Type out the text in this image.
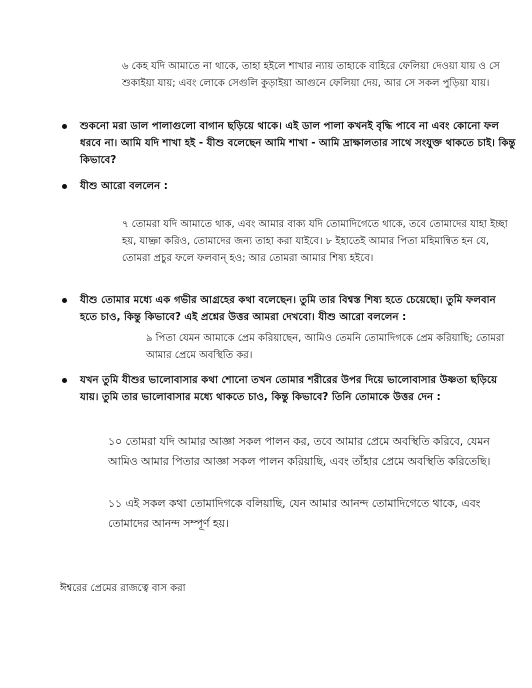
৬ কেহ যদি আমাতে না থাকে, তাহা হইলে শাখার ন্যায় তাহাকে বাহিরে ফেলিয়া দেওয়া যায় ও সে শুকাইয়া যায়; এবং লোকে সেগুলি কুড়াইয়া আগুনে ফেলিয়া দেয়, আর সে সকল পুড়িয়া যায়।

শুকনো মরা ডাল পালাগুলো বাগান ছড়িয়ে থাকে। এই ডাল পালা কখনই বৃদ্ধি পাবে না এবং কোনো ফল ধরবে না। আমি যদি শাখা হই - যীশু বলেছেন আমি শাখা - আমি দ্রাক্ষালতার সাথে সংযুক্ত থাকতে চাই। কিন্তু কিভাবে?

যীশু আরো বললেন :

৭ তোমরা যদি আমাতে থাক, এবং আমার বাক্য যদি তোমাদিগেতে থাকে, তবে তোমাদের যাহা ইচ্ছা হয়, যাচ্ঞা করিও, তোমাদের জন্য তাহা করা যাইবে। ৮ ইহাতেই আমার পিতা মহিমান্বিত হন যে, তোমরা প্রচুর ফলে ফলবান্ হও; আর তোমরা আমার শিষ্য হইবে।

যীশু তোমার মধ্যে এক গভীর আগ্রহের কথা বলেছেন। তুমি তার বিশ্বস্ত শিষ্য হতে চেয়েছো। তুমি ফলবান হতে চাও, কিন্তু কিভাবে? এই প্রশ্নের উত্তর আমরা দেখবো। যীশু আরো বললেন :

৯ পিতা যেমন আমাকে প্রেম করিয়াছেন, আমিও তেমনি তোমাদিগকে প্রেম করিয়াছি; তোমরা আমার প্রেমে অবস্থিতি কর।

যখন তুমি যীশুর ভালোবাসার কথা শোনো তখন তোমার শরীরের উপর দিয়ে ভালোবাসার উষ্ণতা ছড়িয়ে যায়। তুমি তার ভালোবাসার মধ্যে থাকতে চাও, কিন্তু কিভাবে? তিনি তোমাকে উত্তর দেন :

১০ তোমরা যদি আমার আজ্ঞা সকল পালন কর, তবে আমার প্রেমে অবস্থিতি করিবে, যেমন আমিও আমার পিতার আজ্ঞা সকল পালন করিয়াছি, এবং তাঁহার প্রেমে অবস্থিতি করিতেছি।

১১ এই সকল কথা তোমাদিগকে বলিয়াছি, যেন আমার আনন্দ তোমাদিগেতে থাকে, এবং তোমাদের আনন্দ সম্পূর্ণ হয়।

ঈশ্বরের প্রেমের রাজত্বে বাস করা
